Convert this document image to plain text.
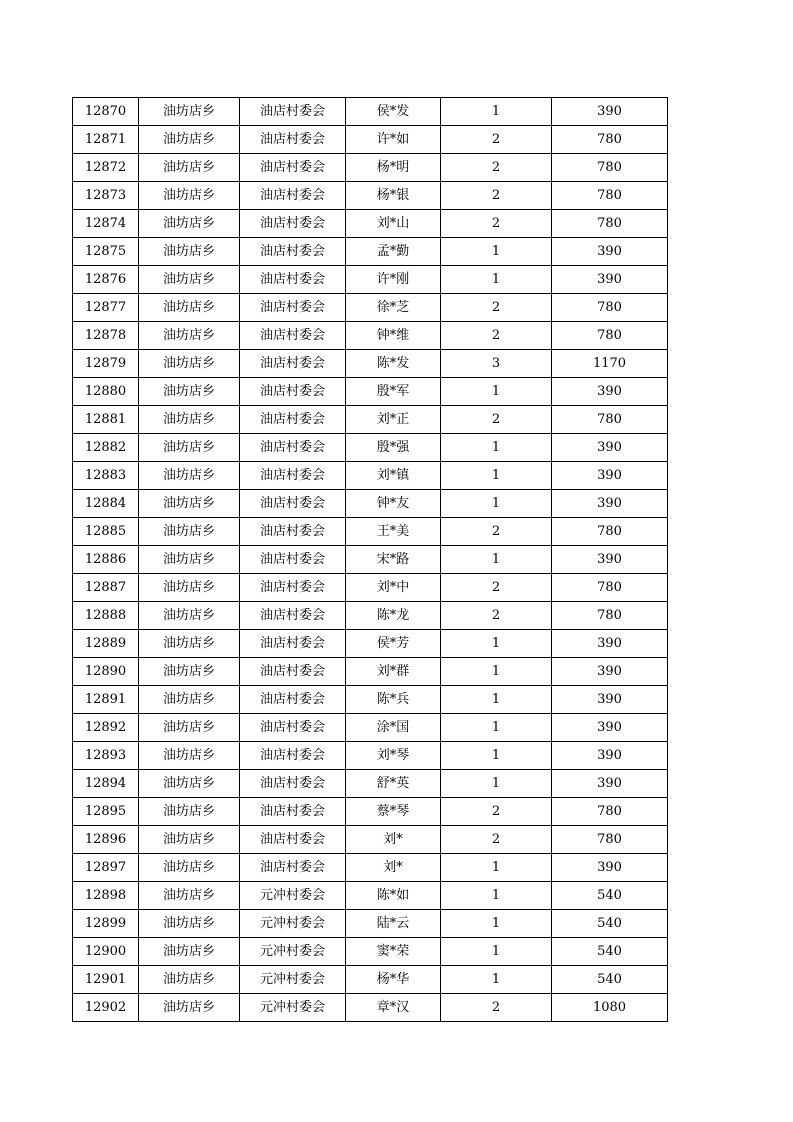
12870	油坊店乡	油店村委会	侯*发	1	390
12871	油坊店乡	油店村委会	许*如	2	780
12872	油坊店乡	油店村委会	杨*明	2	780
12873	油坊店乡	油店村委会	杨*银	2	780
12874	油坊店乡	油店村委会	刘*山	2	780
12875	油坊店乡	油店村委会	孟*勤	1	390
12876	油坊店乡	油店村委会	许*刚	1	390
12877	油坊店乡	油店村委会	徐*芝	2	780
12878	油坊店乡	油店村委会	钟*维	2	780
12879	油坊店乡	油店村委会	陈*发	3	1170
12880	油坊店乡	油店村委会	殷*军	1	390
12881	油坊店乡	油店村委会	刘*正	2	780
12882	油坊店乡	油店村委会	殷*强	1	390
12883	油坊店乡	油店村委会	刘*镇	1	390
12884	油坊店乡	油店村委会	钟*友	1	390
12885	油坊店乡	油店村委会	王*美	2	780
12886	油坊店乡	油店村委会	宋*路	1	390
12887	油坊店乡	油店村委会	刘*中	2	780
12888	油坊店乡	油店村委会	陈*龙	2	780
12889	油坊店乡	油店村委会	侯*芳	1	390
12890	油坊店乡	油店村委会	刘*群	1	390
12891	油坊店乡	油店村委会	陈*兵	1	390
12892	油坊店乡	油店村委会	涂*国	1	390
12893	油坊店乡	油店村委会	刘*琴	1	390
12894	油坊店乡	油店村委会	舒*英	1	390
12895	油坊店乡	油店村委会	蔡*琴	2	780
12896	油坊店乡	油店村委会	刘*	2	780
12897	油坊店乡	油店村委会	刘*	1	390
12898	油坊店乡	元冲村委会	陈*如	1	540
12899	油坊店乡	元冲村委会	陆*云	1	540
12900	油坊店乡	元冲村委会	窦*荣	1	540
12901	油坊店乡	元冲村委会	杨*华	1	540
12902	油坊店乡	元冲村委会	章*汉	2	1080
